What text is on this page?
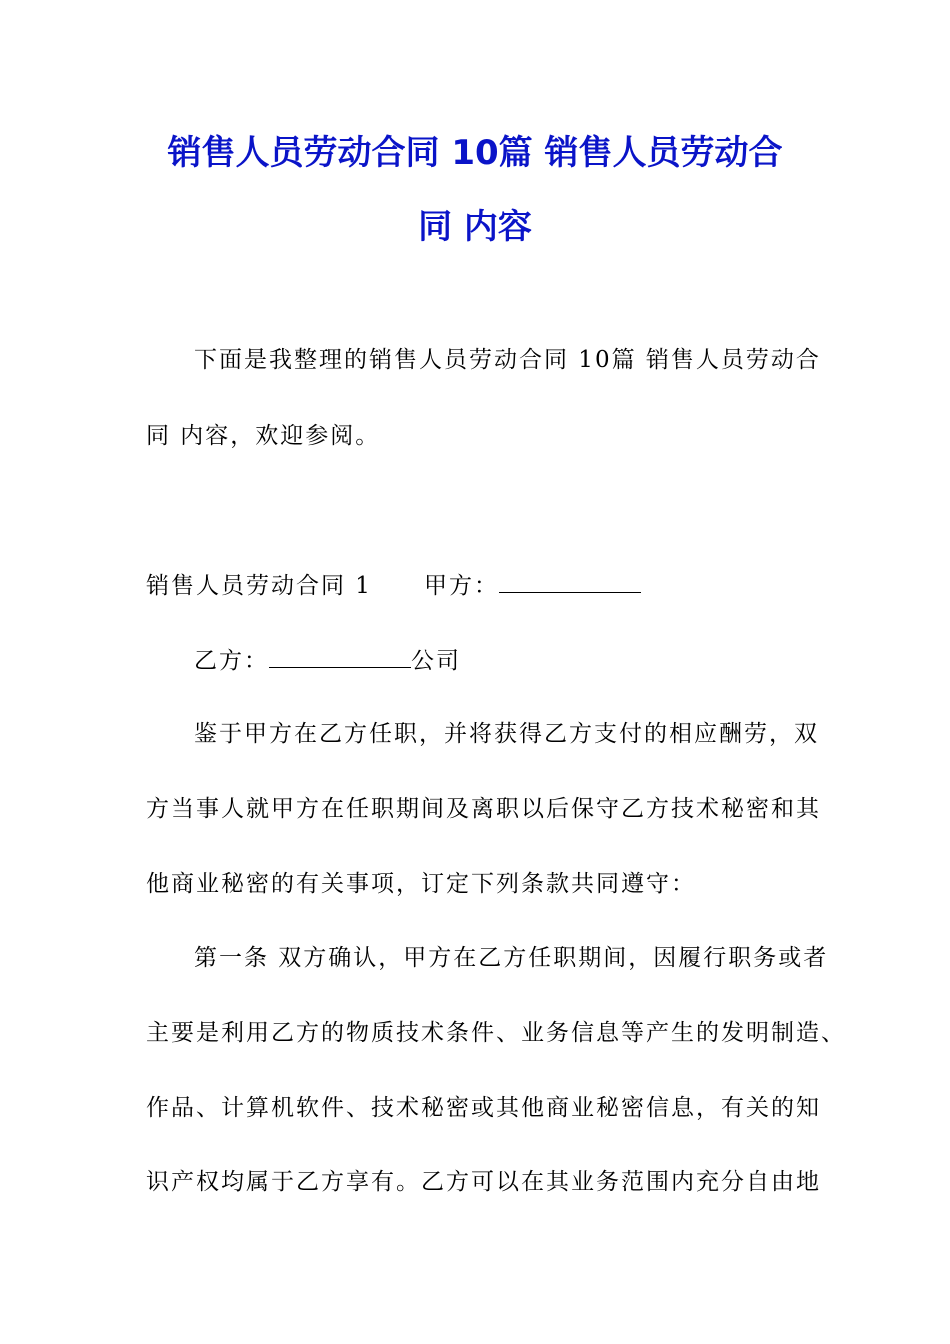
销售人员劳动合同 10篇 销售人员劳动合
同 内容
下面是我整理的销售人员劳动合同 10篇 销售人员劳动合
同 内容，欢迎参阅。
销售人员劳动合同 1 甲方：
乙方：	公司
鉴于甲方在乙方任职，并将获得乙方支付的相应酬劳，双
方当事人就甲方在任职期间及离职以后保守乙方技术秘密和其
他商业秘密的有关事项，订定下列条款共同遵守：
第一条 双方确认，甲方在乙方任职期间，因履行职务或者
主要是利用乙方的物质技术条件、业务信息等产生的发明制造、
作品、计算机软件、技术秘密或其他商业秘密信息，有关的知
识产权均属于乙方享有。乙方可以在其业务范围内充分自由地
